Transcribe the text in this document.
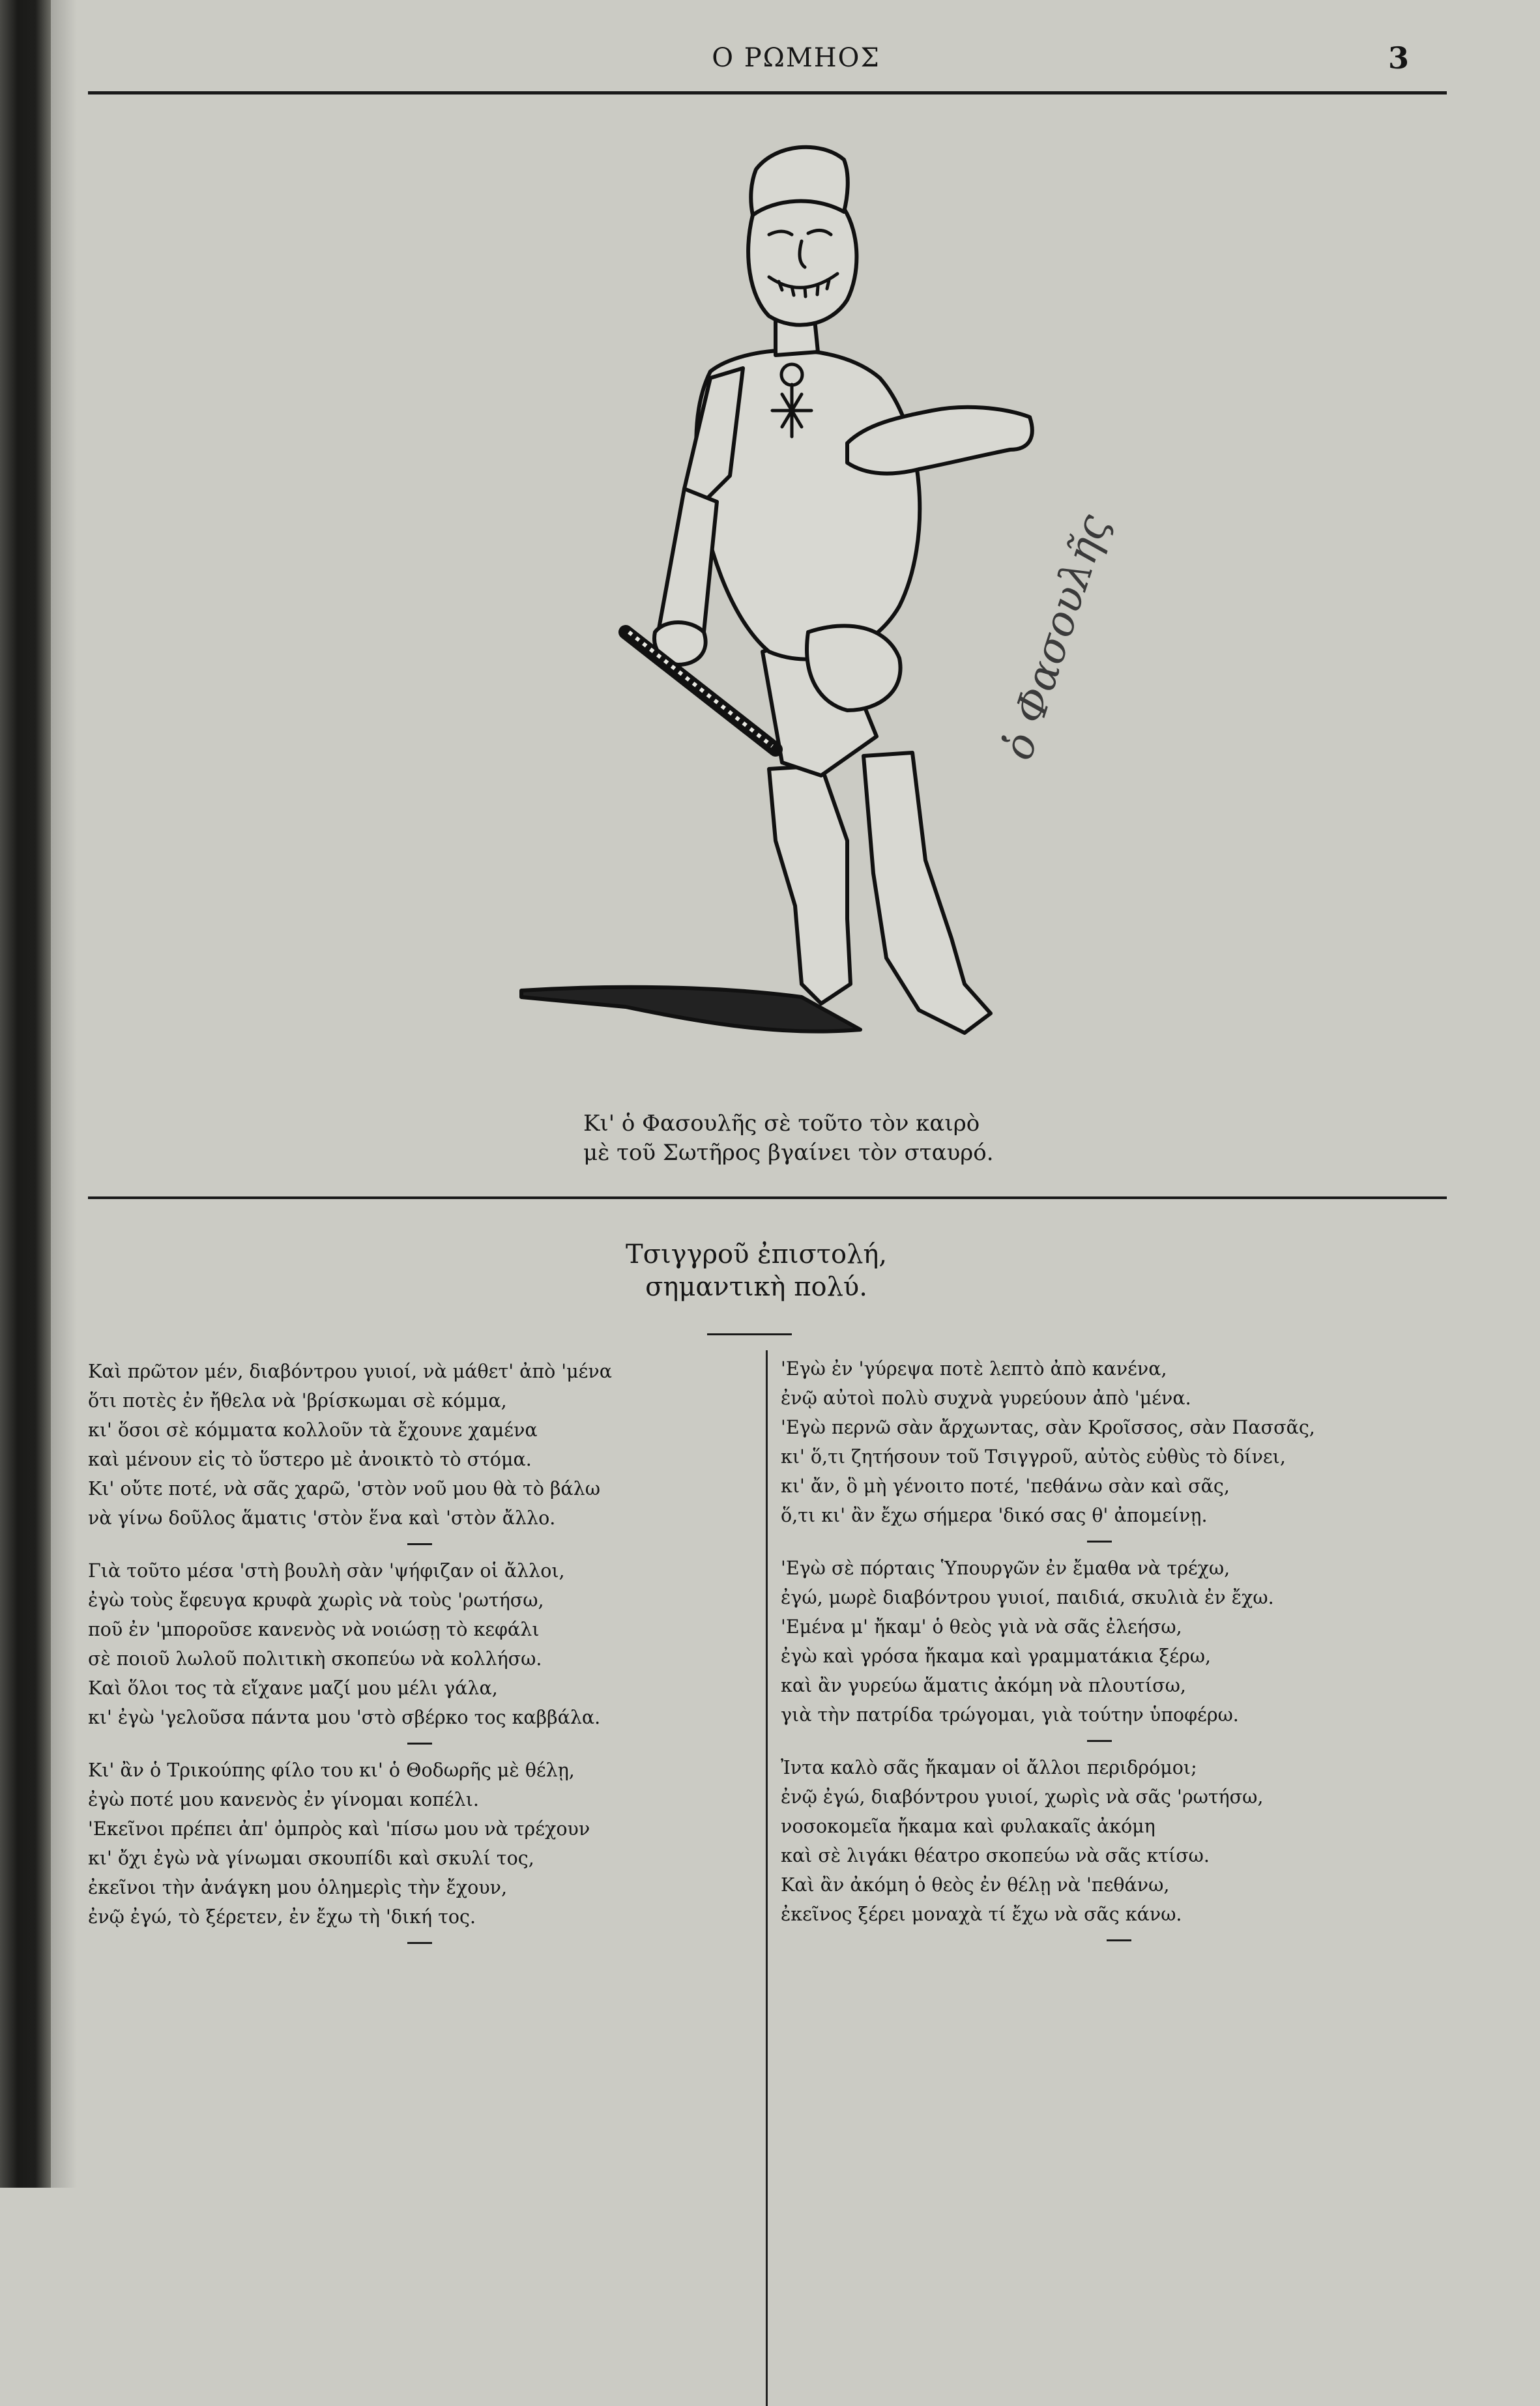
Ο ΡΩΜΗΟΣ	3
ὁ Φασουλῆς
Κι' ὁ Φασουλῆς σὲ τοῦτο τὸν καιρὸ
μὲ τοῦ Σωτῆρος βγαίνει τὸν σταυρό.
Τσιγγροῦ ἐπιστολή,
σημαντικὴ πολύ.
Καὶ πρῶτον μέν, διαβόντρου γυιοί, νὰ μάθετ' ἀπὸ 'μένα
ὅτι ποτὲς ἐν ἤθελα νὰ 'βρίσκωμαι σὲ κόμμα,
κι' ὅσοι σὲ κόμματα κολλοῦν τὰ ἔχουνε χαμένα
καὶ μένουν εἰς τὸ ὕστερο μὲ ἀνοικτὸ τὸ στόμα.
Κι' οὔτε ποτέ, νὰ σᾶς χαρῶ, 'στὸν νοῦ μου θὰ τὸ βάλω
νὰ γίνω δοῦλος ἅματις 'στὸν ἕνα καὶ 'στὸν ἄλλο.
Γιὰ τοῦτο μέσα 'στὴ βουλὴ σὰν 'ψήφιζαν οἱ ἄλλοι,
ἐγὼ τοὺς ἔφευγα κρυφὰ χωρὶς νὰ τοὺς 'ρωτήσω,
ποῦ ἐν 'μποροῦσε κανενὸς νὰ νοιώσῃ τὸ κεφάλι
σὲ ποιοῦ λωλοῦ πολιτικὴ σκοπεύω νὰ κολλήσω.
Καὶ ὅλοι τος τὰ εἴχανε μαζί μου μέλι γάλα,
κι' ἐγὼ 'γελοῦσα πάντα μου 'στὸ σβέρκο τος καββάλα.
Κι' ἂν ὁ Τρικούπης φίλο του κι' ὁ Θοδωρῆς μὲ θέλῃ,
ἐγὼ ποτέ μου κανενὸς ἐν γίνομαι κοπέλι.
'Εκεῖνοι πρέπει ἀπ' ὀμπρὸς καὶ 'πίσω μου νὰ τρέχουν
κι' ὄχι ἐγὼ νὰ γίνωμαι σκουπίδι καὶ σκυλί τος,
ἐκεῖνοι τὴν ἀνάγκη μου ὁλημερὶς τὴν ἔχουν,
ἐνῷ ἐγώ, τὸ ξέρετεν, ἐν ἔχω τὴ 'δική τος.
'Εγὼ ἐν 'γύρεψα ποτὲ λεπτὸ ἀπὸ κανένα,
ἐνῷ αὐτοὶ πολὺ συχνὰ γυρεύουν ἀπὸ 'μένα.
'Εγὼ περνῶ σὰν ἄρχωντας, σὰν Κροῖσσος, σὰν Πασσᾶς,
κι' ὅ,τι ζητήσουν τοῦ Τσιγγροῦ, αὐτὸς εὐθὺς τὸ δίνει,
κι' ἄν, ὃ μὴ γένοιτο ποτέ, 'πεθάνω σὰν καὶ σᾶς,
ὅ,τι κι' ἂν ἔχω σήμερα 'δικό σας θ' ἀπομείνῃ.
'Εγὼ σὲ πόρταις Ὑπουργῶν ἐν ἔμαθα νὰ τρέχω,
ἐγώ, μωρὲ διαβόντρου γυιοί, παιδιά, σκυλιὰ ἐν ἔχω.
'Εμένα μ' ἤκαμ' ὁ θεὸς γιὰ νὰ σᾶς ἐλεήσω,
ἐγὼ καὶ γρόσα ἤκαμα καὶ γραμματάκια ξέρω,
καὶ ἂν γυρεύω ἅματις ἀκόμη νὰ πλουτίσω,
γιὰ τὴν πατρίδα τρώγομαι, γιὰ τούτην ὑποφέρω.
Ἰντα καλὸ σᾶς ἤκαμαν οἱ ἄλλοι περιδρόμοι;
ἐνῷ ἐγώ, διαβόντρου γυιοί, χωρὶς νὰ σᾶς 'ρωτήσω,
νοσοκομεῖα ἤκαμα καὶ φυλακαῖς ἀκόμη
καὶ σὲ λιγάκι θέατρο σκοπεύω νὰ σᾶς κτίσω.
Καὶ ἂν ἀκόμη ὁ θεὸς ἐν θέλῃ νὰ 'πεθάνω,
ἐκεῖνος ξέρει μοναχὰ τί ἔχω νὰ σᾶς κάνω.
